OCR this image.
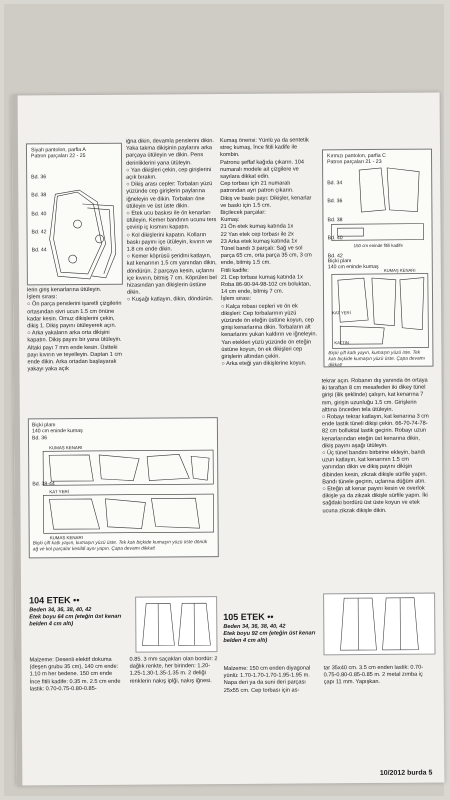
Siyah pantolon, parfia A
Patron parçaları 22 - 25

Bd. 36

Bd. 38

Bd. 40

Bd. 42

Bd. 44

lerin giriş kenarlarına ütüleyin.
İşlem sırası:
○ Ön parça penslerini işaretli çizgilerin ortasından sivri ucun 1.5 cm önüne kadar kesin. Omuz dikişlerini çekin, dikiş 1. Dikiş payını ütüleyerek açın.
○ Arka yakaların arka orta dikişini kapatın. Dikiş payını bir yana ütüleyin. Altaki payı 7 mm ende kesin. Üstteki payı kıvırın ve teyelleyin. Daptan 1 cm ende dikin. Arka ortadan başlayarak yakayı yaka açık
Biçki planı
140 cm eninde kumaş
Bd. 36
Bd. 38-44
KUMAŞ KENARI
KAT YERİ
KUMAŞ KENARI
Biçki çift katlı yayın, kumaşın yüzü üste. Tek katı biçkide kumaşın yüzü üste dönük ağ ve kol parçalar kesildi aynı yapın. Çapa devamı dikkat!
iğna dikin, devamla penslerini dikin. Yaka takma dikişinin paylarını arka parçaya ütüleyin ve dikin. Pens derinliklerini yana ütüleyin.
○ Yan dikişleri çekin, cep girişlerini açık bırakın.
○ Dikiş arası cepler: Torbaları yüzü yüzünde cep girişlerin paylarına iğneleyin ve dikin. Torbaları öne ütüleyin ve üst üste dikin.
○ Etek ucu baskısı ile ön kenarları ütüleyin. Kemer bandının ucunu ters çevirip iç kısmını kapatın.
○ Kol dikişlerini kapatın. Kolların baskı payını içe ütüleyin, kıvırın ve 1.8 cm ende dikin.
○ Kemer köprüsü şeridini katlayın, kat kenarının 1.5 cm yanından dikin, döndürün. 2 parçaya kesin, uçlarını içe kıvırın, bitmiş 7 cm. Köprüleri bel hizasından yan dikişlerin üstüne dikin.
○ Kuşağı katlayın, dikin, döndürün.
Kumaş önerisi: Yünlü ya da sentetik streç kumaş, İnce fitili kadife ile kombin.
Patronu şeffaf kağıda çıkarın. 104 numaralı modele ait çizgilere ve sayılara dikkat edin.
Cep torbası için 21 numaralı patrondan ayrı patron çıkarın.
Dikiş ve baskı payı: Dikişler, kenarlar ve baskı için 1.5 cm.
Biçilecek parçalar:
Kumaş:
21 Ön etek kumaş katında 1x
22 Yan etek cep torbası ile 2x
23 Arka etek kumaş katında 1x
Tünel bandı 3 parçalı: Sağ ve sol parça 65 cm, orta parça 35 cm, 3 cm ende, bitmiş 1.5 cm.
Fitili kadife:
21 Cep torbası kumaş katında 1x
Roba 86-90-94-98-102 cm boluktan, 14 cm ende, bitmiş 7 cm.
İşlem sırası:
○ Kalça robası cepleri ve ön ek dikişleri: Cep torbalarının yüzü yüzünde ön eteğin üstüne koyun, cep girişi kenarlarına dikin. Torbaların alt kenarlarını yukarı kaldırın ve iğneleyin. Yan etekleri yüzü yüzünde ön eteğin üstüne koyun, ön ek dikişleri cep girişlerin altından çekin.
○ Arka eteği yan dikişlerine koyun.
Kırmızı pantolon, parfia C
Patron parçaları 21 - 23

Bd. 34

Bd. 36

Bd. 38

Bd. 40

Bd. 42

150 cm eninde fitili kadife
Biçki planı
140 cm eninde kumaş KUMAŞ KENARI
KAT YERİ
KATTIN
Biçki çift katlı yayın, kumaşın yüzü iste. Tek katı biçkide kumaşın yüzü üste. Çapa devamı dikkat!
tekrar açın. Robanın dış yanında ön ortaya iki taraftan 8 cm mesafeden iki dikey tünel girişi (ilik şeklinde) çalışın, kat kenarına 7 mm, girişin uzunluğu 1.5 cm. Girişlerin alttına önceden tela ütüleyin.
○ Robayı tekrar katlayın, kat kenarına 3 cm ende lastik tüneli dikişi çekin. 66-70-74-78-82 cm bolluktal lastik geçirin. Robayı uzun kenarlarından eteğin üst kenarına dikin, dikiş payını aşağı ütüleyin.
○ Üç tünel bandını birbirine ekleyin, bandı uzun katlayın, kat kenarının 1.5 cm yanından dikin ve dikiş payını dikişin dibinden kesin, zikzak dikişle sürfile yapın. Bandı tünele geçirin, uçlarına düğüm atın.
○ Eteğin alt kenar payını kesin ve overlok dikişle ya da zikzak dikişle sürfile yapın. İki sağdaki bordürü üst üste koyun ve etek ucuna zikzak dikişle dikin.
104 ETEK ••
Beden 34, 36, 38, 40, 42
Etek boyu 64 cm (eteğin üst kenarı belden 4 cm altı)
Malzeme: Desenli elektif dokuma (deşen grubu 35 cm), 140 cm ende: 1.10 m her bedene. 150 cm ende İnce fitili kadife: 0.35 m. 2.5 cm ende lastik: 0.70-0.75-0.80-0.85-
0.85. 3 mm saçakları olan bordür: 2 dağlık renkte, her birinden: 1.20-1.25-1.30-1.35-1.35 m. 2 deliği renklerin nakış iplği, nakış iğnesi.
105 ETEK ••
Beden 34, 36, 38, 40, 42
Etek boyu 92 cm (eteğin üst kenarı belden 4 cm altı)
Malzeme: 150 cm enden diyagonal yünlü: 1.70-1.70-1.70-1.95-1.95 m. Napa deri ya da suni deri parçası 25x55 cm. Cep torbası için as-
tar 35x40 cm. 3.5 cm enden lastik: 0.70-0.75-0.80-0.85-0.85 m. 2 metal zımba iç çapı 11 mm. Yapışkan.
10/2012 burda 5
